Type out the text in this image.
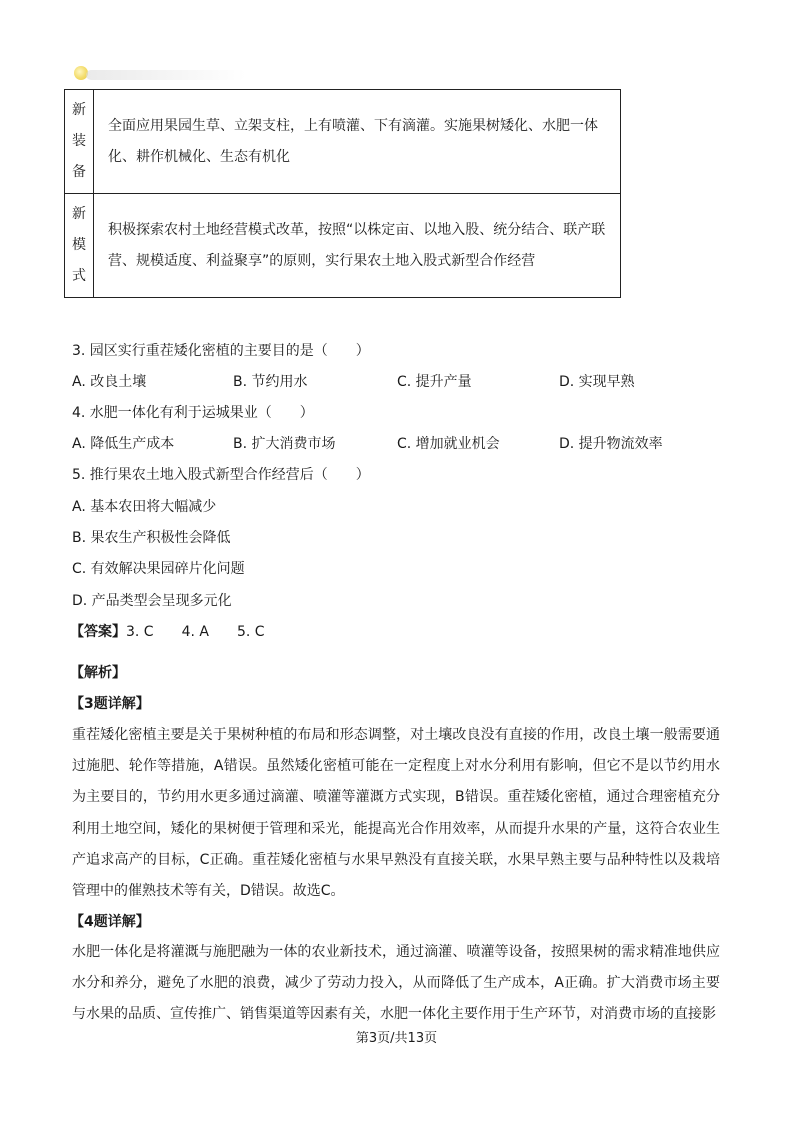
新
装
备	全面应用果园生草、立架支柱，上有喷灌、下有滴灌。实施果树矮化、水肥一体化、耕作机械化、生态有机化

新
模
式	积极探索农村土地经营模式改革，按照“以株定亩、以地入股、统分结合、联产联营、规模适度、利益聚享”的原则，实行果农土地入股式新型合作经营
3. 园区实行重茬矮化密植的主要目的是（　　）
A. 改良土壤	B. 节约用水	C. 提升产量	D. 实现早熟
4. 水肥一体化有利于运城果业（　　）
A. 降低生产成本	B. 扩大消费市场	C. 增加就业机会	D. 提升物流效率
5. 推行果农土地入股式新型合作经营后（　　）
A. 基本农田将大幅减少
B. 果农生产积极性会降低
C. 有效解决果园碎片化问题
D. 产品类型会呈现多元化
【答案】3. C　　4. A　　5. C
【解析】
【3题详解】
重茬矮化密植主要是关于果树种植的布局和形态调整，对土壤改良没有直接的作用，改良土壤一般需要通过施肥、轮作等措施，A错误。虽然矮化密植可能在一定程度上对水分利用有影响，但它不是以节约用水为主要目的，节约用水更多通过滴灌、喷灌等灌溉方式实现，B错误。重茬矮化密植，通过合理密植充分利用土地空间，矮化的果树便于管理和采光，能提高光合作用效率，从而提升水果的产量，这符合农业生产追求高产的目标，C正确。重茬矮化密植与水果早熟没有直接关联，水果早熟主要与品种特性以及栽培管理中的催熟技术等有关，D错误。故选C。
【4题详解】
水肥一体化是将灌溉与施肥融为一体的农业新技术，通过滴灌、喷灌等设备，按照果树的需求精准地供应水分和养分，避免了水肥的浪费，减少了劳动力投入，从而降低了生产成本，A正确。扩大消费市场主要与水果的品质、宣传推广、销售渠道等因素有关，水肥一体化主要作用于生产环节，对消费市场的直接影
第3页/共13页
